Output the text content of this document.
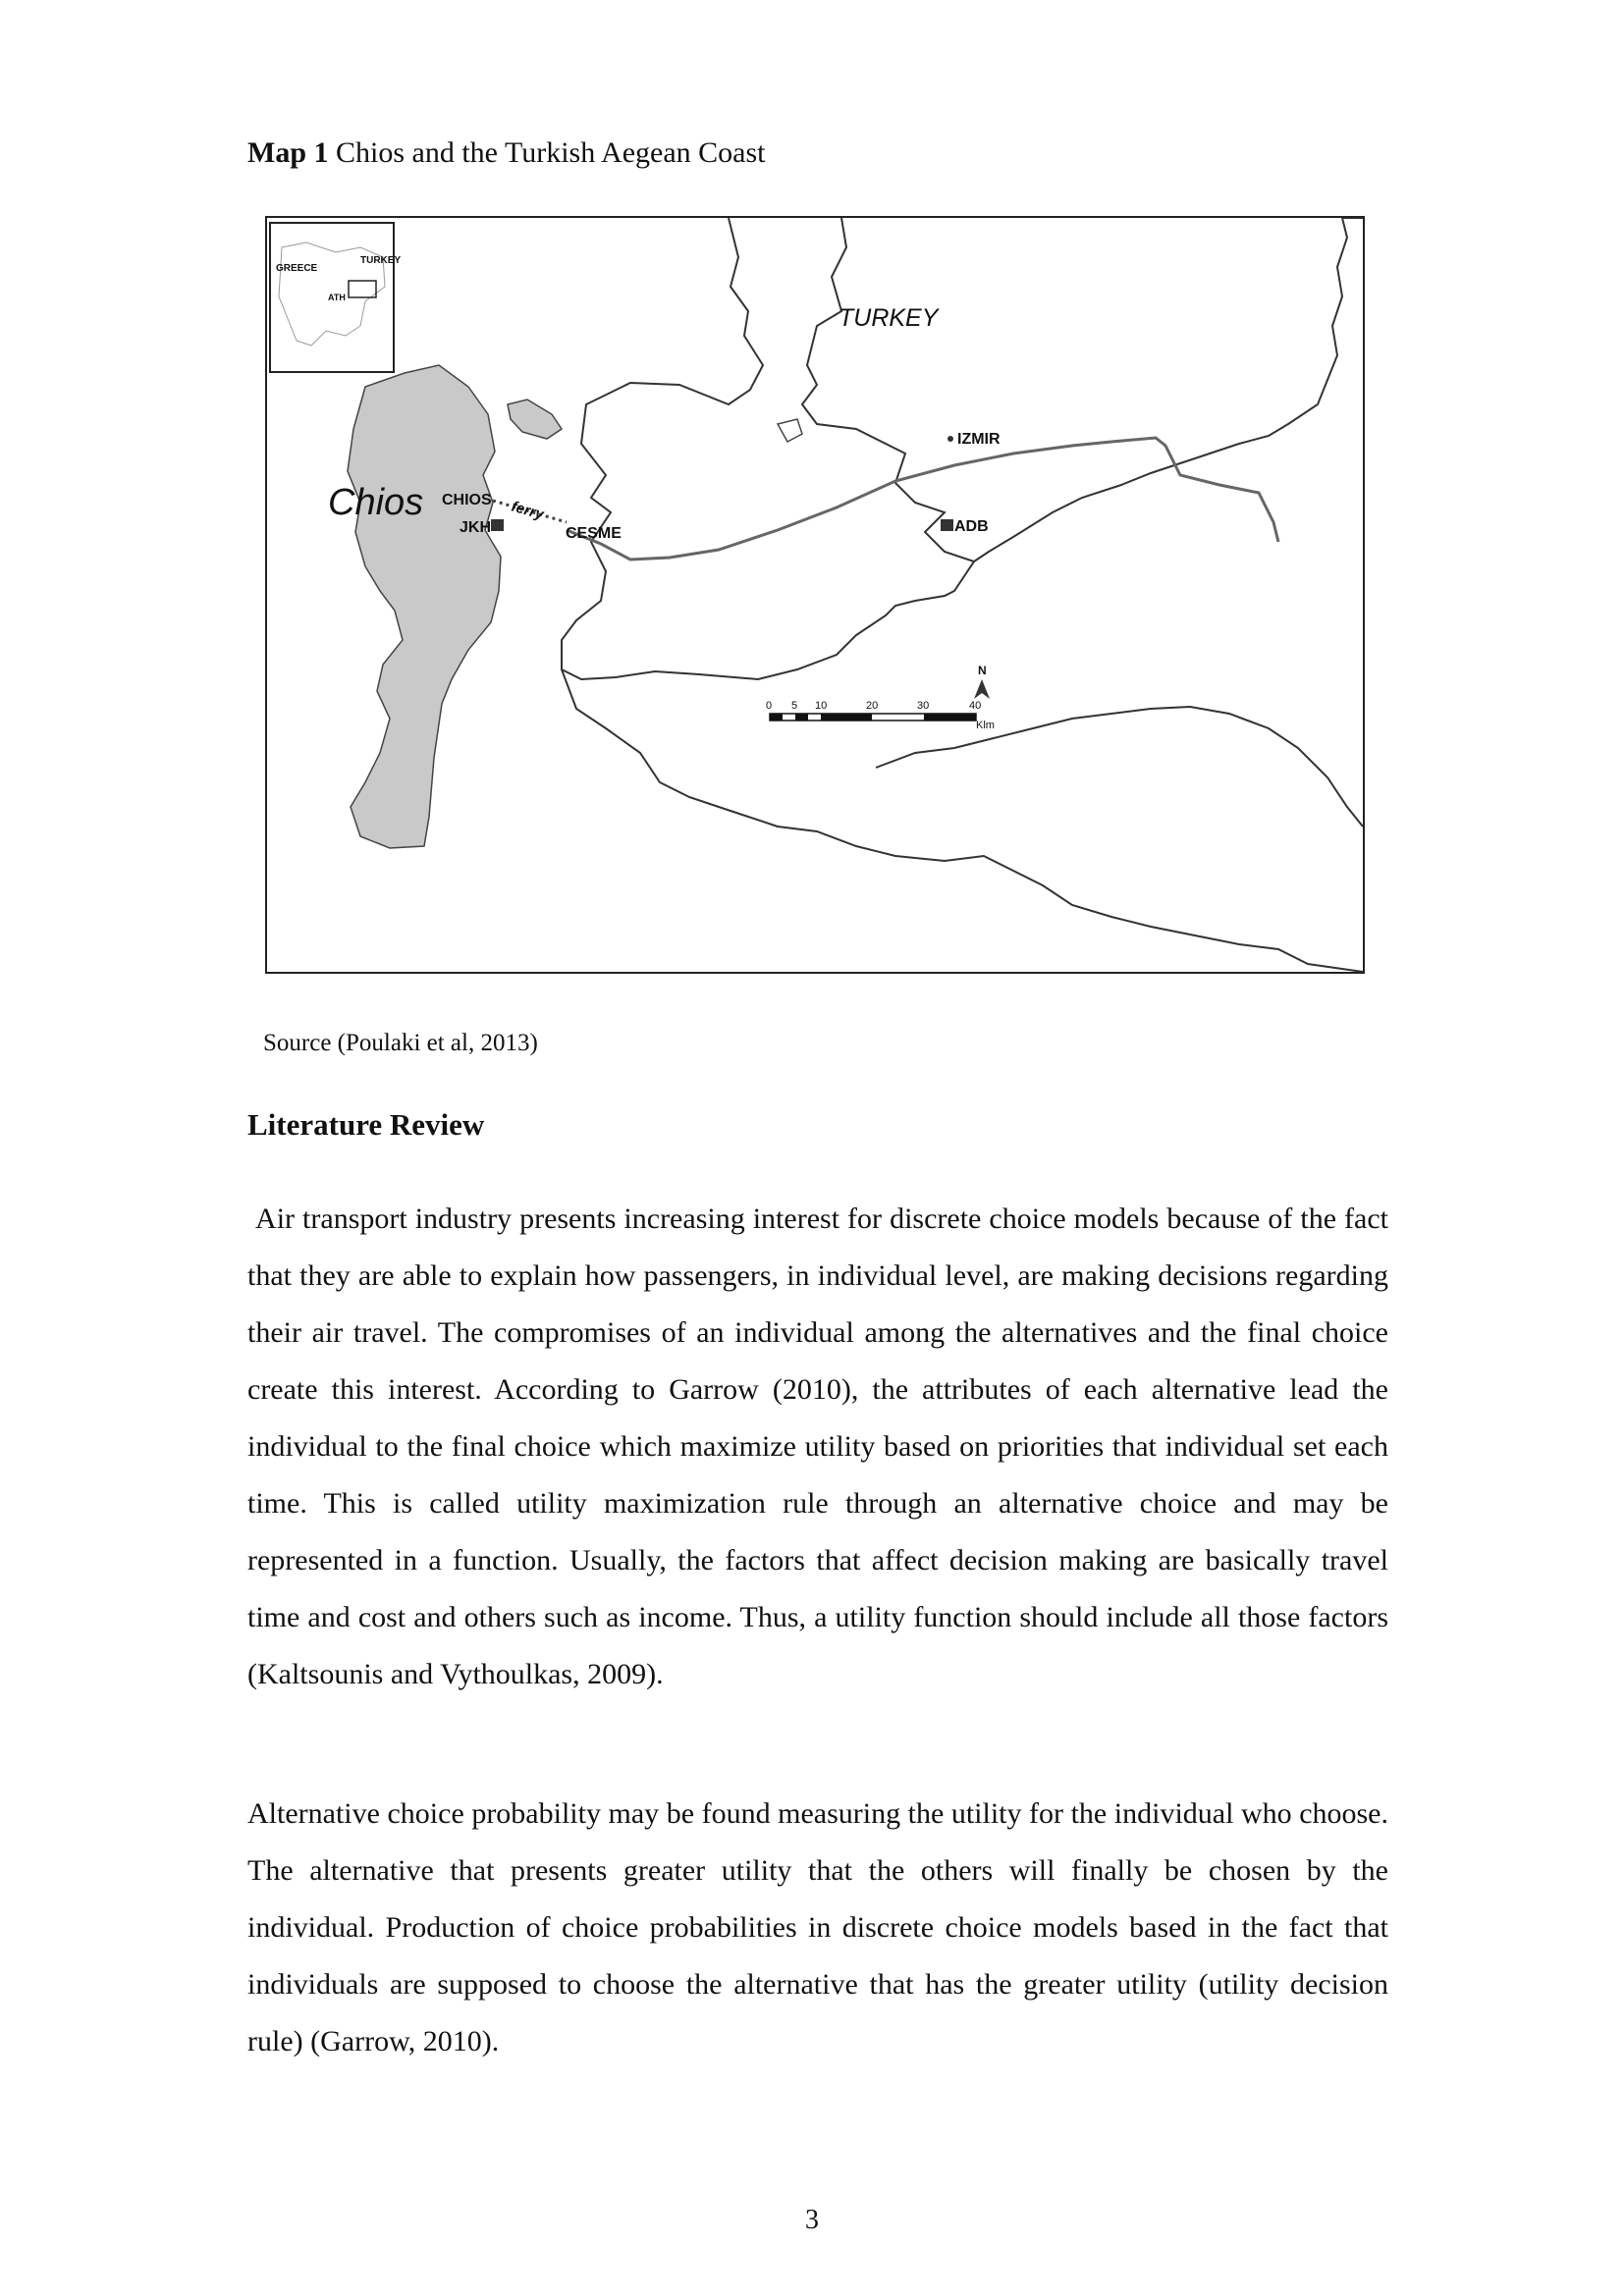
Map 1 Chios and the Turkish Aegean Coast
GREECE
TURKEY
ATH
TURKEY
Chios CHIOS ferry
CESME
JKH
IZMIR
ADB
N
0 5 10	20	30	40
Klm
Source (Poulaki et al, 2013)
Literature Review

Air transport industry presents increasing interest for discrete choice models because of the fact that they are able to explain how passengers, in individual level, are making decisions regarding their air travel. The compromises of an individual among the alternatives and the final choice create this interest. According to Garrow (2010), the attributes of each alternative lead the individual to the final choice which maximize utility based on priorities that individual set each time. This is called utility maximization rule through an alternative choice and may be represented in a function. Usually, the factors that affect decision making are basically travel time and cost and others such as income. Thus, a utility function should include all those factors (Kaltsounis and Vythoulkas, 2009).

Alternative choice probability may be found measuring the utility for the individual who choose. The alternative that presents greater utility that the others will finally be chosen by the individual. Production of choice probabilities in discrete choice models based in the fact that individuals are supposed to choose the alternative that has the greater utility (utility decision rule) (Garrow, 2010).

3
